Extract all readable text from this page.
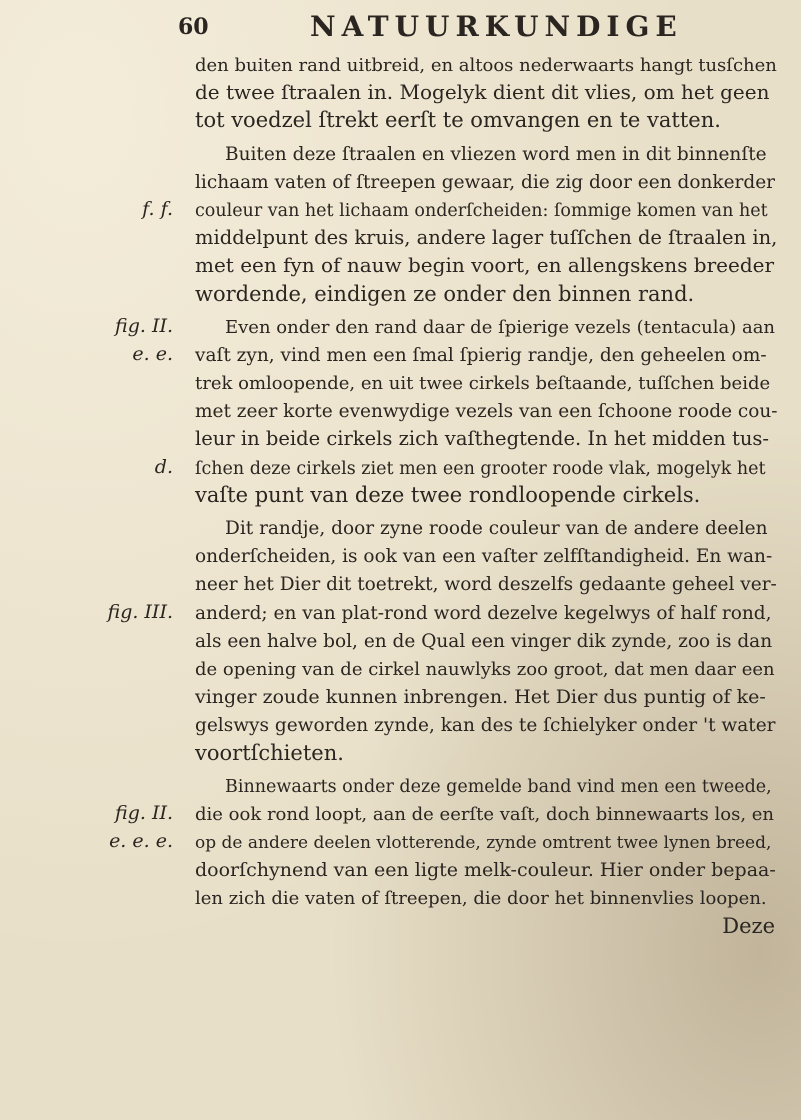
60	NATUURKUNDIGE
den buiten rand uitbreid, en altoos nederwaarts hangt tusſchen
de twee ſtraalen in. Mogelyk dient dit vlies, om het geen
tot voedzel ſtrekt eerſt te omvangen en te vatten.
Buiten deze ſtraalen en vliezen word men in dit binnenſte
lichaam vaten of ſtreepen gewaar, die zig door een donkerder
f. f.	couleur van het lichaam onderſcheiden: ſommige komen van het
middelpunt des kruis, andere lager tuſſchen de ſtraalen in,
met een fyn of nauw begin voort, en allengskens breeder
wordende, eindigen ze onder den binnen rand.
fig. II.	Even onder den rand daar de ſpierige vezels (tentacula) aan
e. e.	vaſt zyn, vind men een ſmal ſpierig randje, den geheelen om-
trek omloopende, en uit twee cirkels beſtaande, tuſſchen beide
met zeer korte evenwydige vezels van een ſchoone roode cou-
leur in beide cirkels zich vaſthegtende. In het midden tus-
d.	ſchen deze cirkels ziet men een grooter roode vlak, mogelyk het
vaſte punt van deze twee rondloopende cirkels.
Dit randje, door zyne roode couleur van de andere deelen
onderſcheiden, is ook van een vaſter zelfſtandigheid. En wan-
neer het Dier dit toetrekt, word deszelfs gedaante geheel ver-
fig. III.	anderd; en van plat-rond word dezelve kegelwys of half rond,
als een halve bol, en de Qual een vinger dik zynde, zoo is dan
de opening van de cirkel nauwlyks zoo groot, dat men daar een
vinger zoude kunnen inbrengen. Het Dier dus puntig of ke-
gelswys geworden zynde, kan des te ſchielyker onder 't water
voortſchieten.
Binnewaarts onder deze gemelde band vind men een tweede,
fig. II.	die ook rond loopt, aan de eerſte vaſt, doch binnewaarts los, en
e. e. e.	op de andere deelen vlotterende, zynde omtrent twee lynen breed,
doorſchynend van een ligte melk-couleur. Hier onder bepaa-
len zich die vaten of ſtreepen, die door het binnenvlies loopen.
Deze
